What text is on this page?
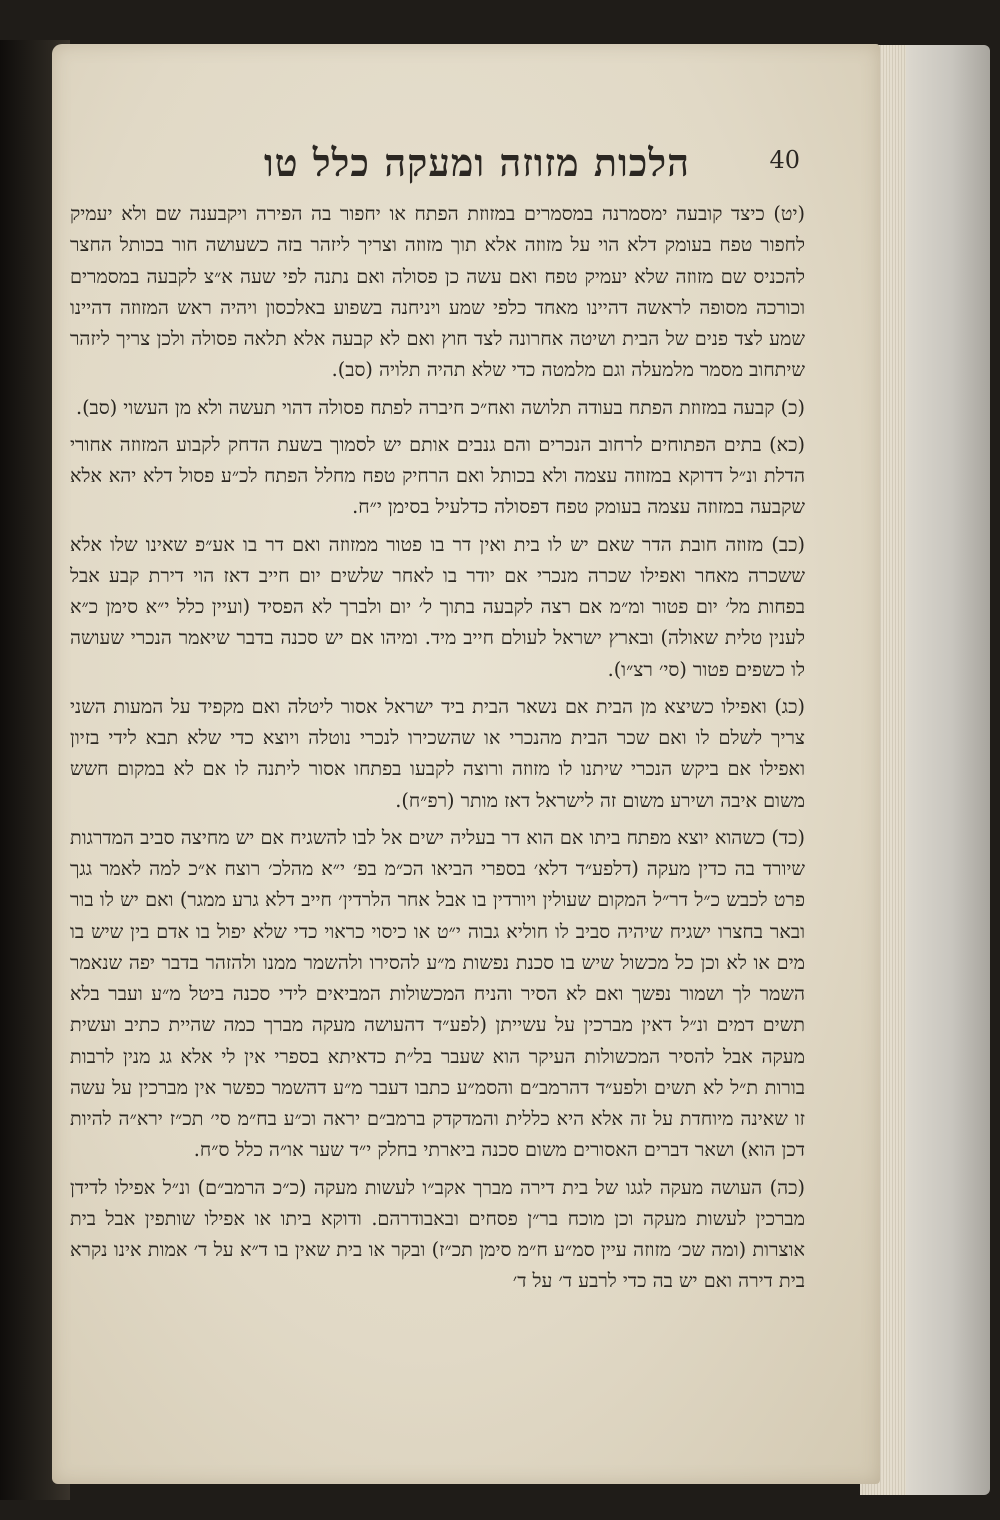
הלכות מזוזה ומעקה כלל טו	40

(יט) כיצד קובעה ימסמרנה במסמרים במזוזת הפתח או יחפור בה הפירה ויקבענה שם ולא יעמיק לחפור טפח בעומק דלא הוי על מזוזה אלא תוך מזוזה וצריך ליזהר בזה כשעושה חור בכותל החצר להכניס שם מזוזה שלא יעמיק טפח ואם עשה כן פסולה ואם נתנה לפי שעה א״צ לקבעה במסמרים וכורכה מסופה לראשה דהיינו מאחד כלפי שמע ויניחנה בשפוע באלכסון ויהיה ראש המזוזה דהיינו שמע לצד פנים של הבית ושיטה אחרונה לצד חוץ ואם לא קבעה אלא תלאה פסולה ולכן צריך ליזהר שיתחוב מסמר מלמעלה וגם מלמטה כדי שלא תהיה תלויה (סב).

(כ) קבעה במזוזת הפתח בעודה תלושה ואח״כ חיברה לפתח פסולה דהוי תעשה ולא מן העשוי (סב).

(כא) בתים הפתוחים לרחוב הנכרים והם גנבים אותם יש לסמוך בשעת הדחק לקבוע המזוזה אחורי הדלת ונ״ל דדוקא במזוזה עצמה ולא בכותל ואם הרחיק טפח מחלל הפתח לכ״ע פסול דלא יהא אלא שקבעה במזוזה עצמה בעומק טפח דפסולה כדלעיל בסימן י״ח.

(כב) מזוזה חובת הדר שאם יש לו בית ואין דר בו פטור ממזוזה ואם דר בו אע״פ שאינו שלו אלא ששכרה מאחר ואפילו שכרה מנכרי אם יודר בו לאחר שלשים יום חייב דאז הוי דירת קבע אבל בפחות מל׳ יום פטור ומ״מ אם רצה לקבעה בתוך ל׳ יום ולברך לא הפסיד (ועיין כלל י״א סימן כ״א לענין טלית שאולה) ובארץ ישראל לעולם חייב מיד. ומיהו אם יש סכנה בדבר שיאמר הנכרי שעושה לו כשפים פטור (סי׳ רצ״ו).

(כג) ואפילו כשיצא מן הבית אם נשאר הבית ביד ישראל אסור ליטלה ואם מקפיד על המעות השני צריך לשלם לו ואם שכר הבית מהנכרי או שהשכירו לנכרי נוטלה ויוצא כדי שלא תבא לידי בזיון ואפילו אם ביקש הנכרי שיתנו לו מזוזה ורוצה לקבעו בפתחו אסור ליתנה לו אם לא במקום חשש משום איבה ושירע משום זה לישראל דאז מותר (רפ״ח).

(כד) כשהוא יוצא מפתח ביתו אם הוא דר בעליה ישים אל לבו להשגיח אם יש מחיצה סביב המדרגות שיורד בה כדין מעקה (דלפע״ד דלא׳ בספרי הביאו הכ״מ בפ׳ י״א מהלכ׳ רוצח א״כ למה לאמר גגך פרט לכבש כ״ל דר״ל המקום שעולין ויורדין בו אבל אחר הלרדין׳ חייב דלא גרע ממגר) ואם יש לו בור ובאר בחצרו ישגיח שיהיה סביב לו חוליא גבוה י״ט או כיסוי כראוי כדי שלא יפול בו אדם בין שיש בו מים או לא וכן כל מכשול שיש בו סכנת נפשות מ״ע להסירו ולהשמר ממנו ולהזהר בדבר יפה שנאמר השמר לך ושמור נפשך ואם לא הסיר והניח המכשולות המביאים לידי סכנה ביטל מ״ע ועבר בלא תשים דמים ונ״ל דאין מברכין על עשייתן (לפע״ד דהעושה מעקה מברך כמה שהיית כתיב ועשית מעקה אבל להסיר המכשולות העיקר הוא שעבר בל״ת כדאיתא בספרי אין לי אלא גג מנין לרבות בורות ת״ל לא תשים ולפע״ד דהרמב״ם והסמ״ע כתבו דעבר מ״ע דהשמר כפשר אין מברכין על עשה זו שאינה מיוחדת על זה אלא היא כללית והמדקדק ברמב״ם יראה וכ״ע בח״מ סי׳ תכ״ז ירא״ה להיות דכן הוא) ושאר דברים האסורים משום סכנה ביארתי בחלק י״ד שער או״ה כלל ס״ח.

(כה) העושה מעקה לגגו של בית דירה מברך אקב״ו לעשות מעקה (כ״כ הרמב״ם) ונ״ל אפילו לדידן מברכין לעשות מעקה וכן מוכח בר״ן פסחים ובאבודרהם. ודוקא ביתו או אפילו שותפין אבל בית אוצרות (ומה שכ׳ מזוזה עיין סמ״ע ח״מ סימן תכ״ז) ובקר או בית שאין בו ד״א על ד׳ אמות אינו נקרא בית דירה ואם יש בה כדי לרבע ד׳ על ד׳
